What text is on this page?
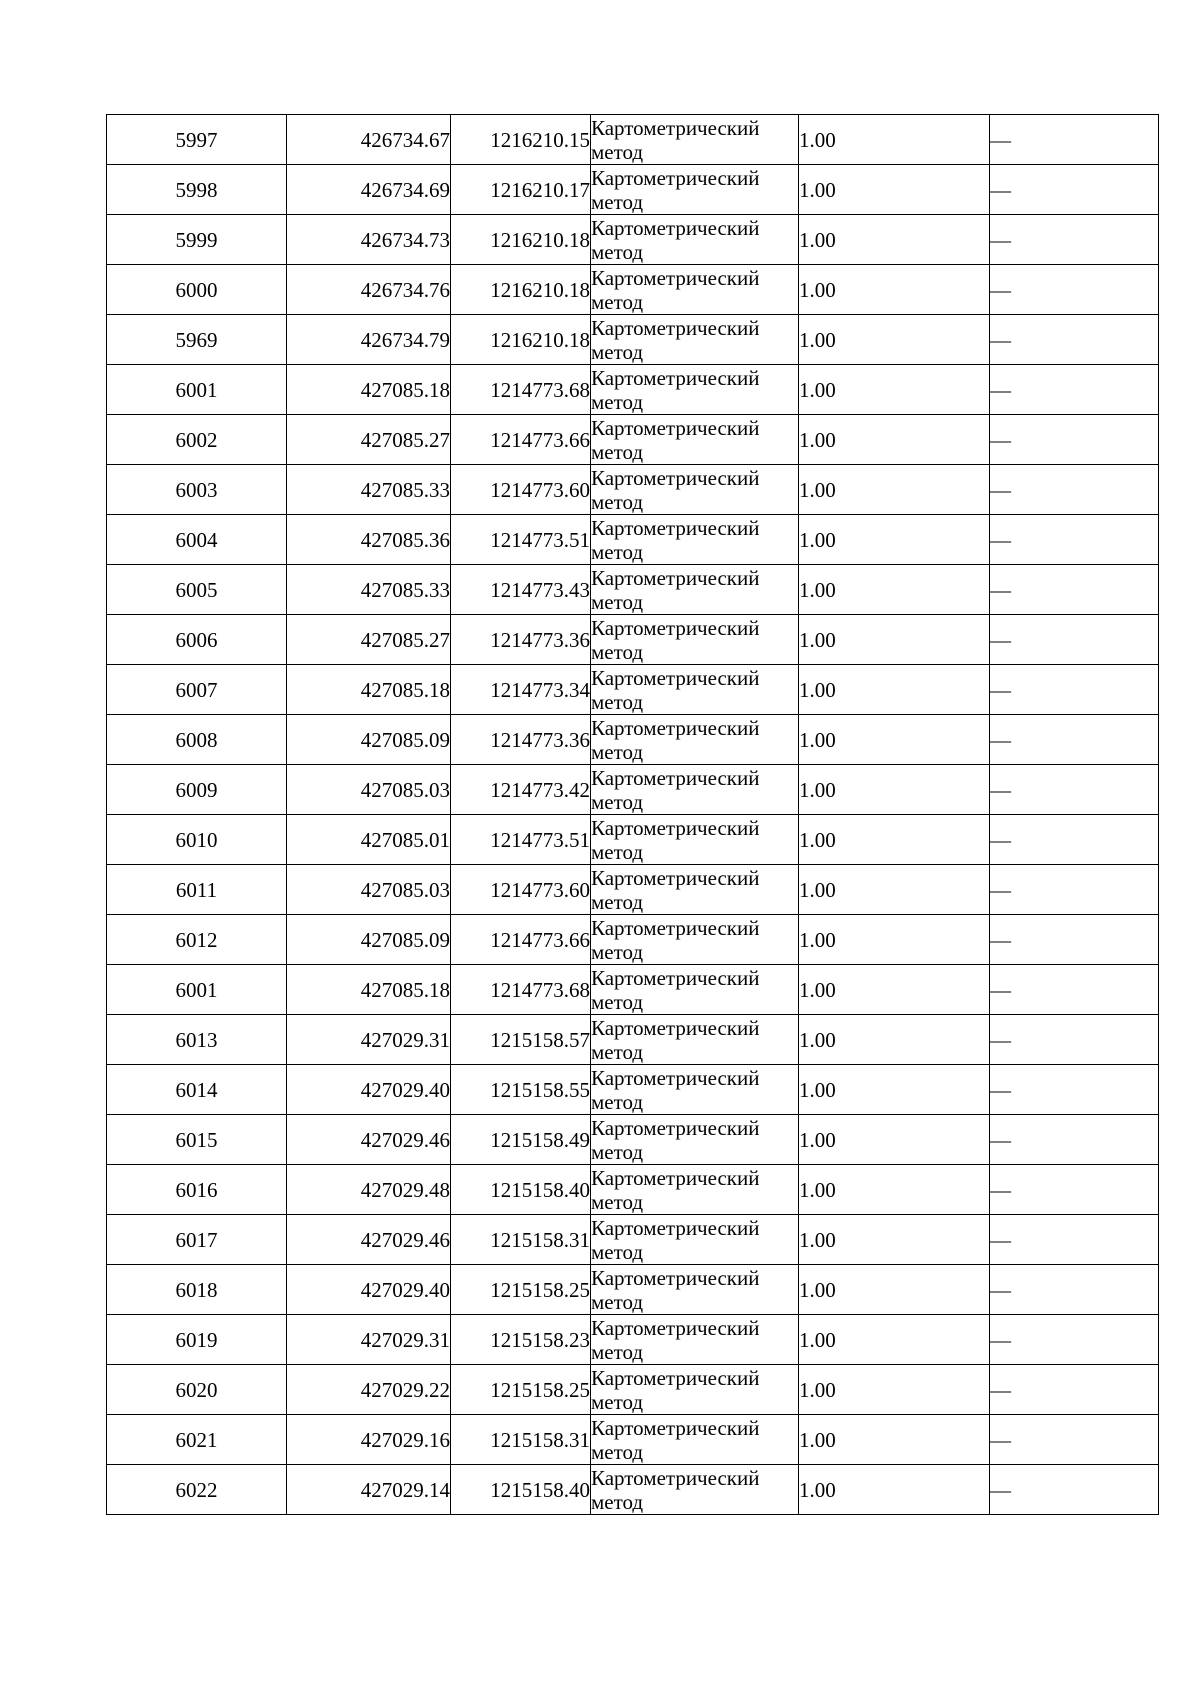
5997	426734.67	1216210.15	Картометрический метод	1.00	—
5998	426734.69	1216210.17	Картометрический метод	1.00	—
5999	426734.73	1216210.18	Картометрический метод	1.00	—
6000	426734.76	1216210.18	Картометрический метод	1.00	—
5969	426734.79	1216210.18	Картометрический метод	1.00	—
6001	427085.18	1214773.68	Картометрический метод	1.00	—
6002	427085.27	1214773.66	Картометрический метод	1.00	—
6003	427085.33	1214773.60	Картометрический метод	1.00	—
6004	427085.36	1214773.51	Картометрический метод	1.00	—
6005	427085.33	1214773.43	Картометрический метод	1.00	—
6006	427085.27	1214773.36	Картометрический метод	1.00	—
6007	427085.18	1214773.34	Картометрический метод	1.00	—
6008	427085.09	1214773.36	Картометрический метод	1.00	—
6009	427085.03	1214773.42	Картометрический метод	1.00	—
6010	427085.01	1214773.51	Картометрический метод	1.00	—
6011	427085.03	1214773.60	Картометрический метод	1.00	—
6012	427085.09	1214773.66	Картометрический метод	1.00	—
6001	427085.18	1214773.68	Картометрический метод	1.00	—
6013	427029.31	1215158.57	Картометрический метод	1.00	—
6014	427029.40	1215158.55	Картометрический метод	1.00	—
6015	427029.46	1215158.49	Картометрический метод	1.00	—
6016	427029.48	1215158.40	Картометрический метод	1.00	—
6017	427029.46	1215158.31	Картометрический метод	1.00	—
6018	427029.40	1215158.25	Картометрический метод	1.00	—
6019	427029.31	1215158.23	Картометрический метод	1.00	—
6020	427029.22	1215158.25	Картометрический метод	1.00	—
6021	427029.16	1215158.31	Картометрический метод	1.00	—
6022	427029.14	1215158.40	Картометрический метод	1.00	—
